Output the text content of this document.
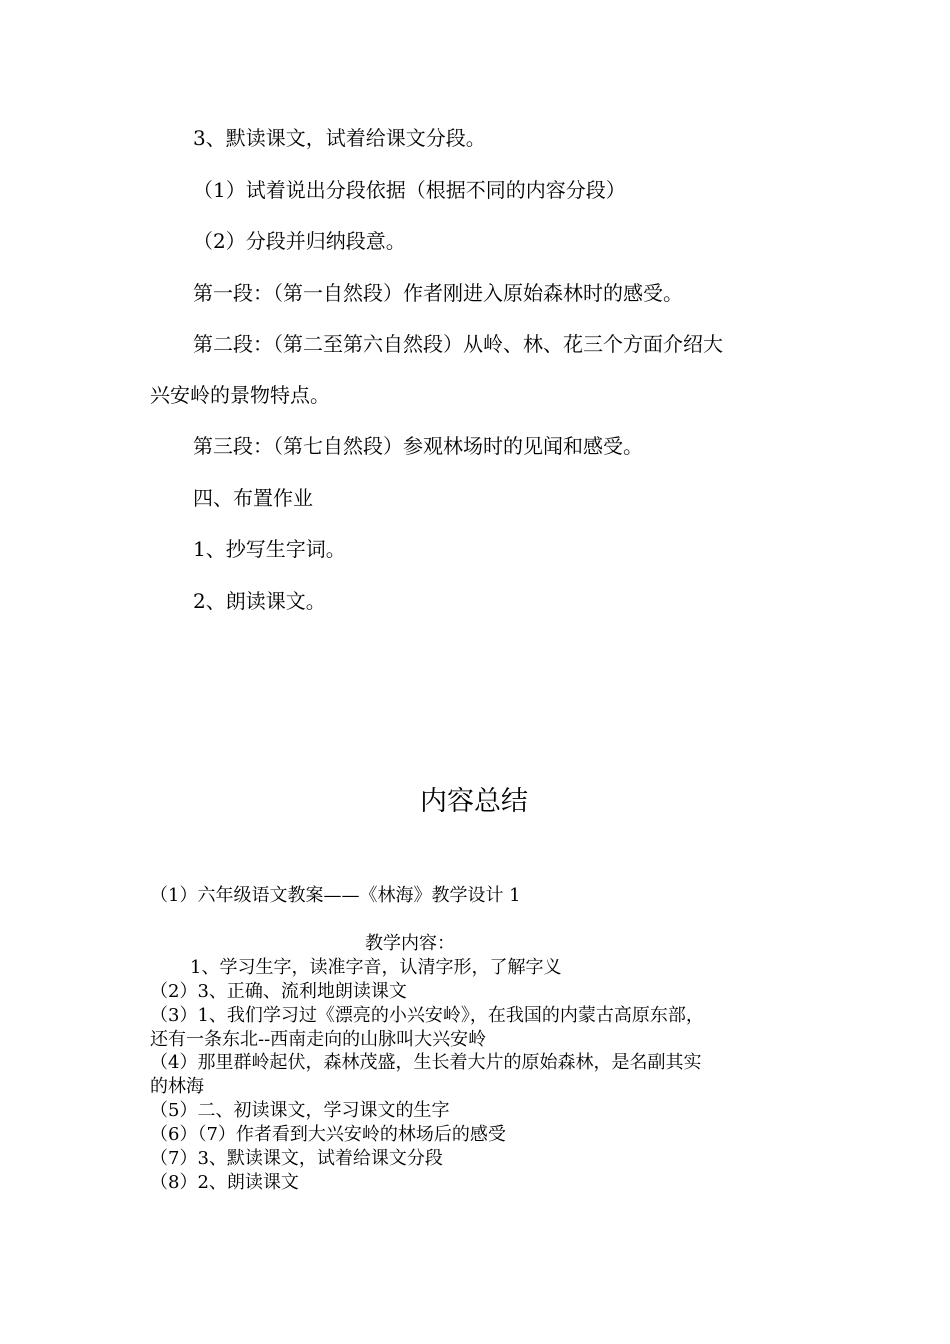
3、默读课文，试着给课文分段。
（1）试着说出分段依据（根据不同的内容分段）
（2）分段并归纳段意。
第一段：（第一自然段）作者刚进入原始森林时的感受。
第二段：（第二至第六自然段）从岭、林、花三个方面介绍大
兴安岭的景物特点。
第三段：（第七自然段）参观林场时的见闻和感受。
四、布置作业
1、抄写生字词。
2、朗读课文。
内容总结
（1）六年级语文教案——《林海》教学设计 1
教学内容：
1、学习生字，读准字音，认清字形，了解字义
（2）3、正确、流利地朗读课文
（3）1、我们学习过《漂亮的小兴安岭》，在我国的内蒙古高原东部，
还有一条东北--西南走向的山脉叫大兴安岭
（4）那里群岭起伏，森林茂盛，生长着大片的原始森林，是名副其实
的林海
（5）二、初读课文，学习课文的生字
（6）（7）作者看到大兴安岭的林场后的感受
（7）3、默读课文，试着给课文分段
（8）2、朗读课文
